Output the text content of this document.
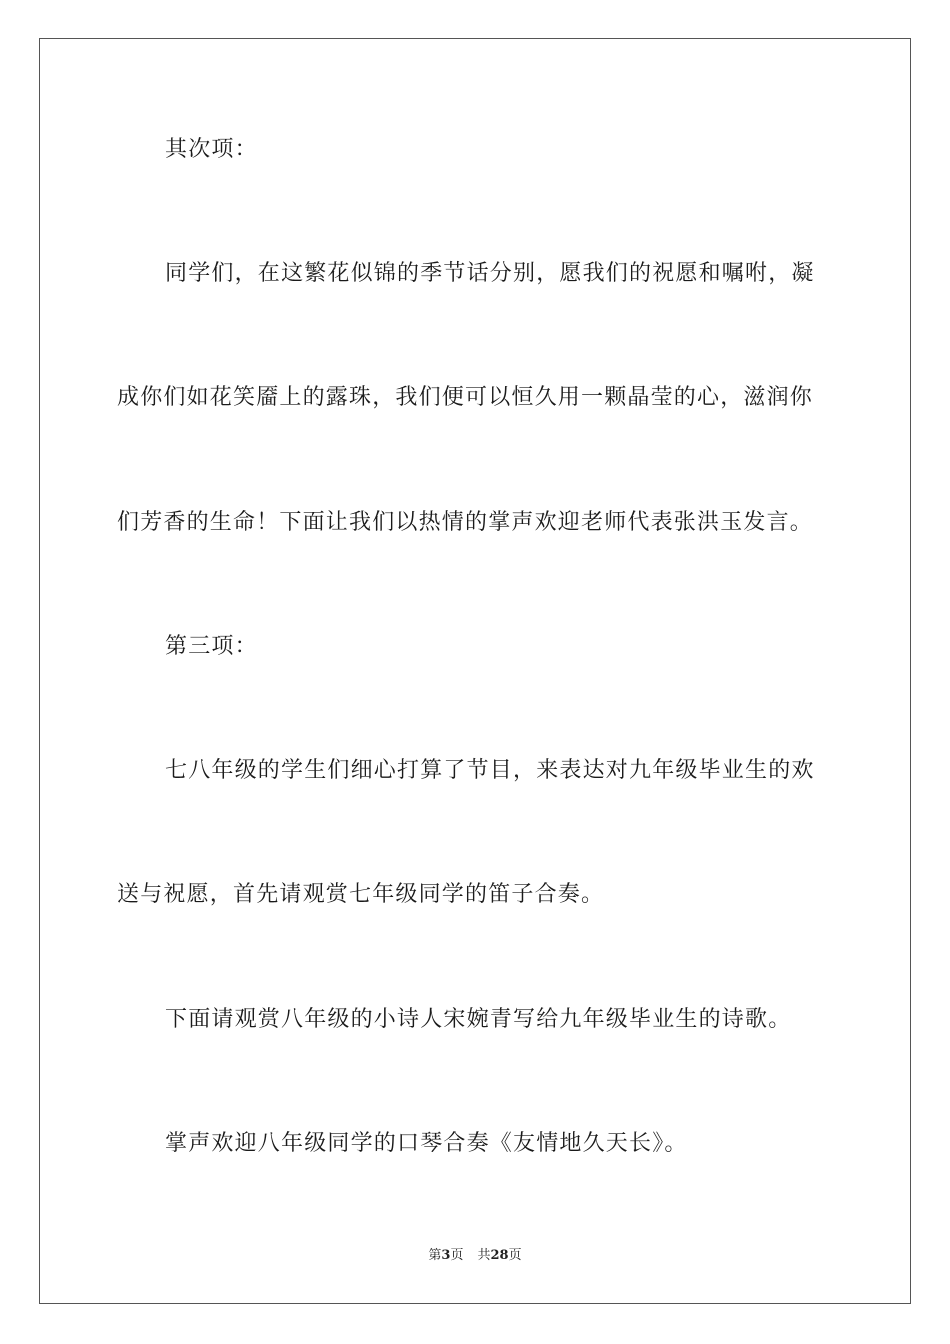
其次项：
同学们，在这繁花似锦的季节话分别，愿我们的祝愿和嘱咐，凝
成你们如花笑靥上的露珠，我们便可以恒久用一颗晶莹的心，滋润你
们芳香的生命！下面让我们以热情的掌声欢迎老师代表张洪玉发言。
第三项：
七八年级的学生们细心打算了节目，来表达对九年级毕业生的欢
送与祝愿，首先请观赏七年级同学的笛子合奏。
下面请观赏八年级的小诗人宋婉青写给九年级毕业生的诗歌。
掌声欢迎八年级同学的口琴合奏《友情地久天长》。
第3页 共28页
